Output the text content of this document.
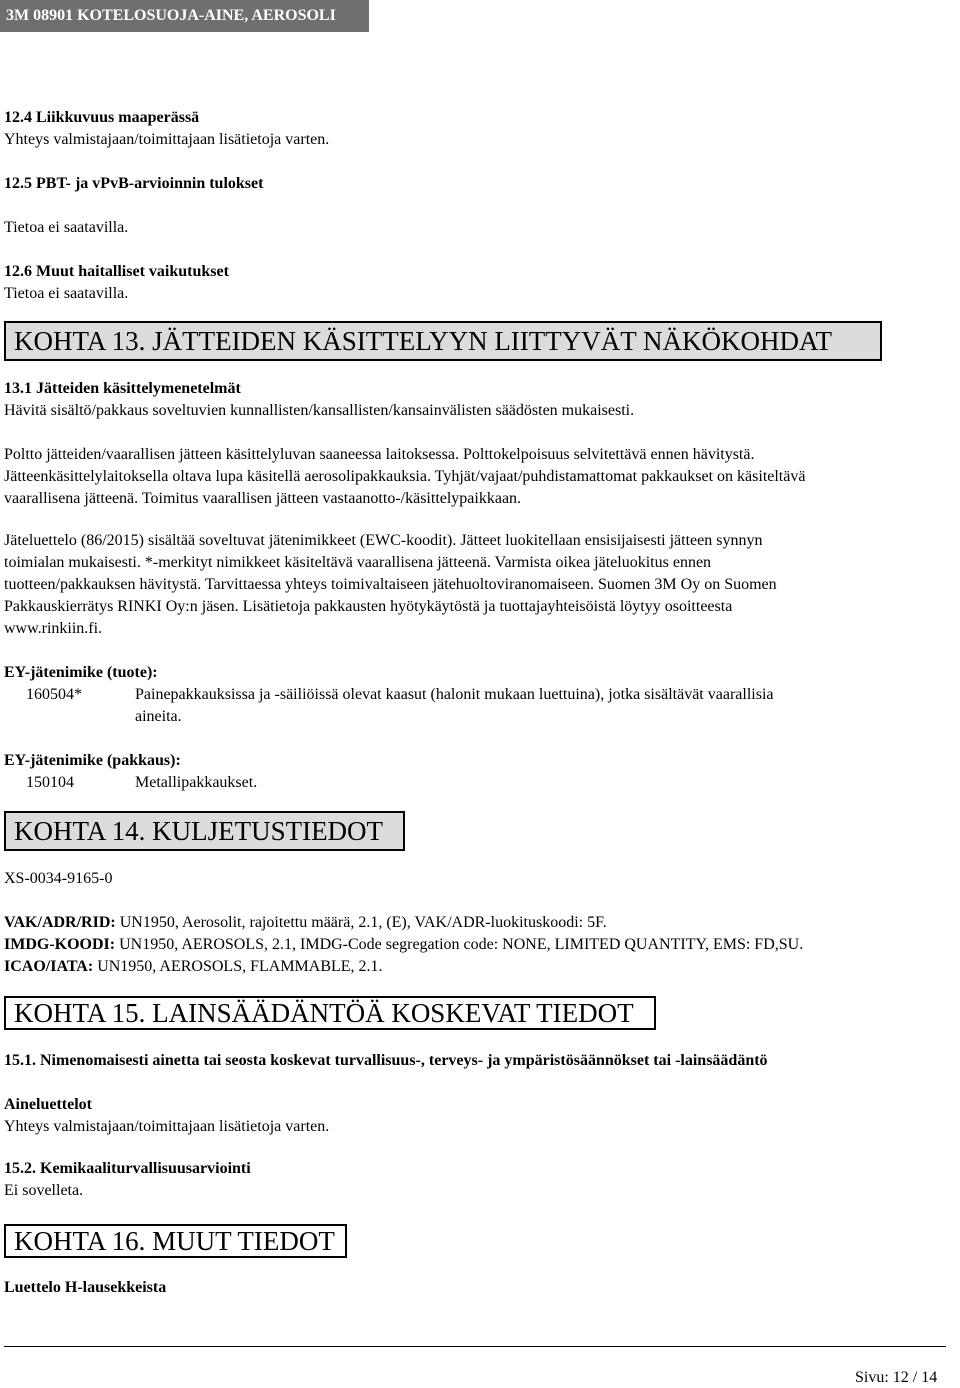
3M 08901 KOTELOSUOJA-AINE, AEROSOLI
12.4 Liikkuvuus maaperässä
Yhteys valmistajaan/toimittajaan lisätietoja varten.
12.5 PBT- ja vPvB-arvioinnin tulokset
Tietoa ei saatavilla.
12.6 Muut haitalliset vaikutukset
Tietoa ei saatavilla.
KOHTA 13. JÄTTEIDEN KÄSITTELYYN LIITTYVÄT NÄKÖKOHDAT
13.1 Jätteiden käsittelymenetelmät
Hävitä sisältö/pakkaus soveltuvien kunnallisten/kansallisten/kansainvälisten säädösten mukaisesti.
Poltto jätteiden/vaarallisen jätteen käsittelyluvan saaneessa laitoksessa. Polttokelpoisuus selvitettävä ennen hävitystä.
Jätteenkäsittelylaitoksella oltava lupa käsitellä aerosolipakkauksia. Tyhjät/vajaat/puhdistamattomat pakkaukset on käsiteltävä
vaarallisena jätteenä. Toimitus vaarallisen jätteen vastaanotto-/käsittelypaikkaan.
Jäteluettelo (86/2015) sisältää soveltuvat jätenimikkeet (EWC-koodit). Jätteet luokitellaan ensisijaisesti jätteen synnyn
toimialan mukaisesti. *-merkityt nimikkeet käsiteltävä vaarallisena jätteenä. Varmista oikea jäteluokitus ennen
tuotteen/pakkauksen hävitystä. Tarvittaessa yhteys toimivaltaiseen jätehuoltoviranomaiseen. Suomen 3M Oy on Suomen
Pakkauskierrätys RINKI Oy:n jäsen. Lisätietoja pakkausten hyötykäytöstä ja tuottajayhteisöistä löytyy osoitteesta
www.rinkiin.fi.
EY-jätenimike (tuote):
160504*	Painepakkauksissa ja -säiliöissä olevat kaasut (halonit mukaan luettuina), jotka sisältävät vaarallisia
aineita.
EY-jätenimike (pakkaus):
150104	Metallipakkaukset.
KOHTA 14. KULJETUSTIEDOT
XS-0034-9165-0
VAK/ADR/RID: UN1950, Aerosolit, rajoitettu määrä, 2.1, (E), VAK/ADR-luokituskoodi: 5F.
IMDG-KOODI: UN1950, AEROSOLS, 2.1, IMDG-Code segregation code: NONE, LIMITED QUANTITY, EMS: FD,SU.
ICAO/IATA: UN1950, AEROSOLS, FLAMMABLE, 2.1.
KOHTA 15. LAINSÄÄDÄNTÖÄ KOSKEVAT TIEDOT
15.1. Nimenomaisesti ainetta tai seosta koskevat turvallisuus-, terveys- ja ympäristösäännökset tai -lainsäädäntö
Aineluettelot
Yhteys valmistajaan/toimittajaan lisätietoja varten.
15.2. Kemikaaliturvallisuusarviointi
Ei sovelleta.
KOHTA 16. MUUT TIEDOT
Luettelo H-lausekkeista
Sivu: 12 / 14
